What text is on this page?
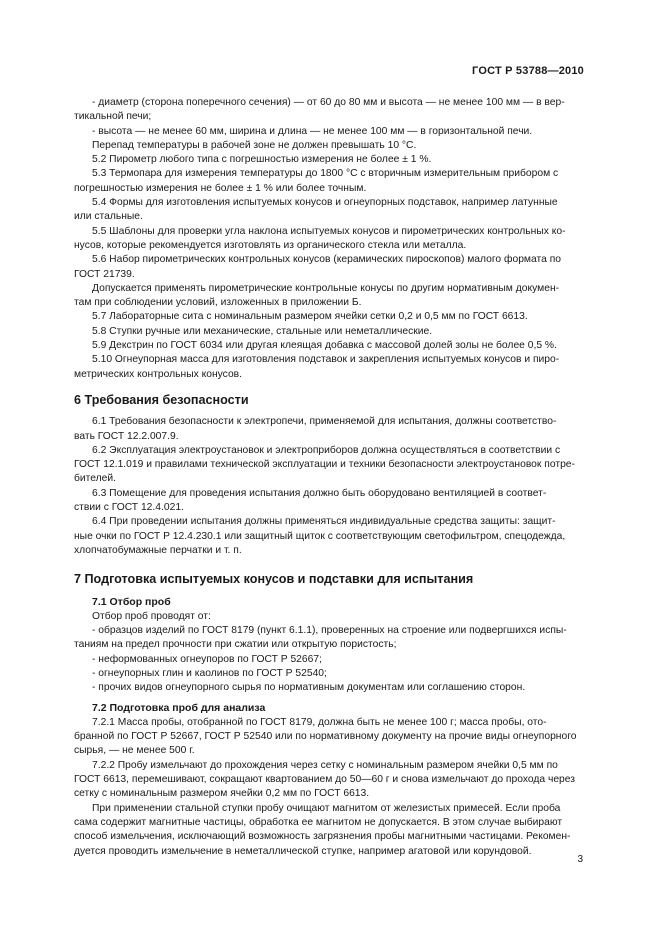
ГОСТ Р 53788—2010
- диаметр (сторона поперечного сечения) — от 60 до 80 мм и высота — не менее 100 мм — в вер-
тикальной печи;
- высота — не менее 60 мм, ширина и длина — не менее 100 мм — в горизонтальной печи.
Перепад температуры в рабочей зоне не должен превышать 10 °С.
5.2 Пирометр любого типа с погрешностью измерения не более ± 1 %.
5.3 Термопара для измерения температуры до 1800 °С с вторичным измерительным прибором с
погрешностью измерения не более ± 1 % или более точным.
5.4 Формы для изготовления испытуемых конусов и огнеупорных подставок, например латунные
или стальные.
5.5 Шаблоны для проверки угла наклона испытуемых конусов и пирометрических контрольных ко-
нусов, которые рекомендуется изготовлять из органического стекла или металла.
5.6 Набор пирометрических контрольных конусов (керамических пироскопов) малого формата по
ГОСТ 21739.
Допускается применять пирометрические контрольные конусы по другим нормативным докумен-
там при соблюдении условий, изложенных в приложении Б.
5.7 Лабораторные сита с номинальным размером ячейки сетки 0,2 и 0,5 мм по ГОСТ 6613.
5.8 Ступки ручные или механические, стальные или неметаллические.
5.9 Декстрин по ГОСТ 6034 или другая клеящая добавка с массовой долей золы не более 0,5 %.
5.10 Огнеупорная масса для изготовления подставок и закрепления испытуемых конусов и пиро-
метрических контрольных конусов.
6 Требования безопасности
6.1 Требования безопасности к электропечи, применяемой для испытания, должны соответство-
вать ГОСТ 12.2.007.9.
6.2 Эксплуатация электроустановок и электроприборов должна осуществляться в соответствии с
ГОСТ 12.1.019 и правилами технической эксплуатации и техники безопасности электроустановок потре-
бителей.
6.3 Помещение для проведения испытания должно быть оборудовано вентиляцией в соответ-
ствии с ГОСТ 12.4.021.
6.4 При проведении испытания должны применяться индивидуальные средства защиты: защит-
ные очки по ГОСТ Р 12.4.230.1 или защитный щиток с соответствующим светофильтром, спецодежда,
хлопчатобумажные перчатки и т. п.
7 Подготовка испытуемых конусов и подставки для испытания
7.1 Отбор проб
Отбор проб проводят от:
- образцов изделий по ГОСТ 8179 (пункт 6.1.1), проверенных на строение или подвергшихся испы-
таниям на предел прочности при сжатии или открытую пористость;
- неформованных огнеупоров по ГОСТ Р 52667;
- огнеупорных глин и каолинов по ГОСТ Р 52540;
- прочих видов огнеупорного сырья по нормативным документам или соглашению сторон.
7.2 Подготовка проб для анализа
7.2.1 Масса пробы, отобранной по ГОСТ 8179, должна быть не менее 100 г; масса пробы, ото-
бранной по ГОСТ Р 52667, ГОСТ Р 52540 или по нормативному документу на прочие виды огнеупорного
сырья, — не менее 500 г.
7.2.2 Пробу измельчают до прохождения через сетку с номинальным размером ячейки 0,5 мм по
ГОСТ 6613, перемешивают, сокращают квартованием до 50—60 г и снова измельчают до прохода через
сетку с номинальным размером ячейки 0,2 мм по ГОСТ 6613.
При применении стальной ступки пробу очищают магнитом от железистых примесей. Если проба
сама содержит магнитные частицы, обработка ее магнитом не допускается. В этом случае выбирают
способ измельчения, исключающий возможность загрязнения пробы магнитными частицами. Рекомен-
дуется проводить измельчение в неметаллической ступке, например агатовой или корундовой.
3
